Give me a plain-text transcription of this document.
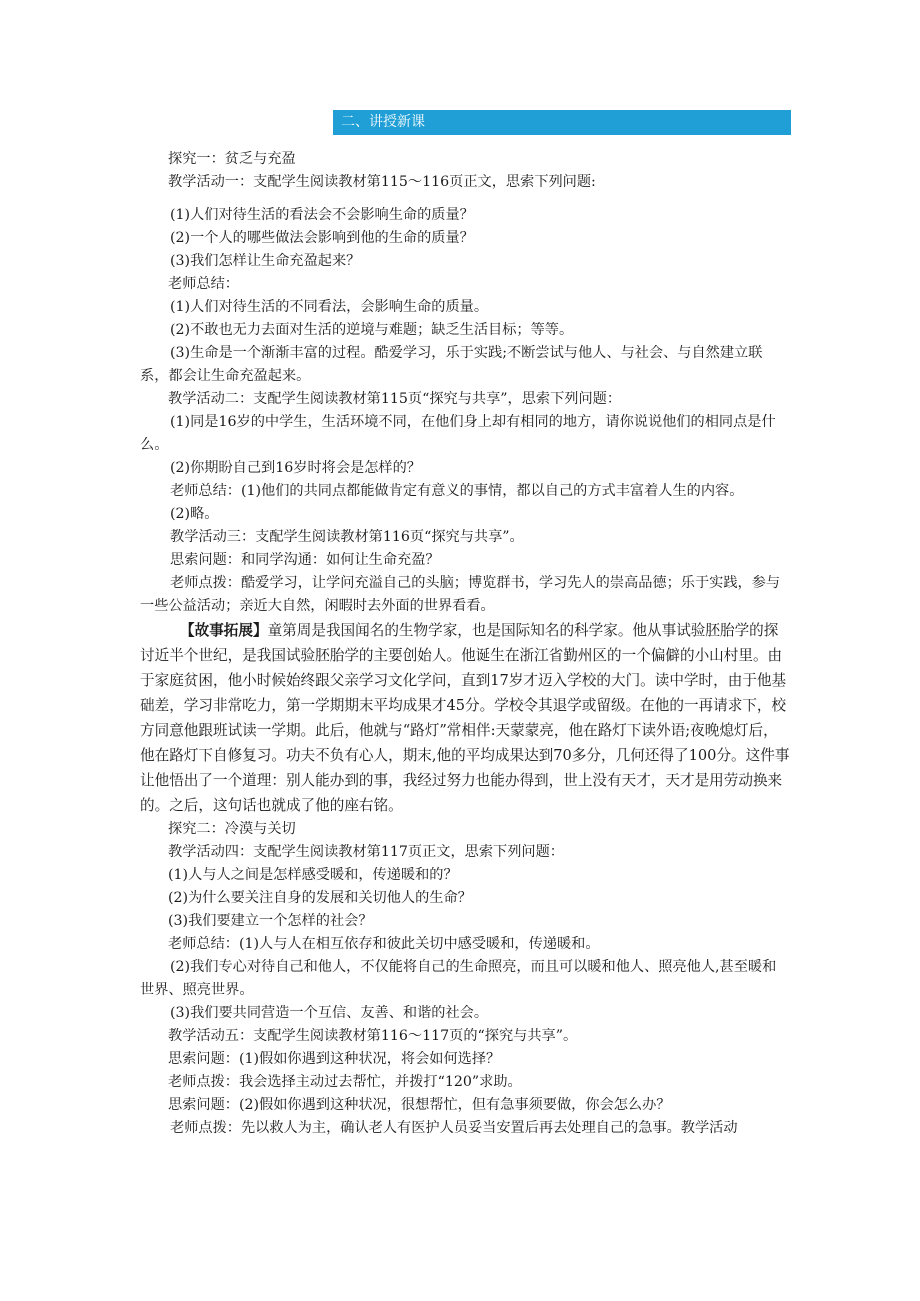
二、讲授新课

探究一：贫乏与充盈

教学活动一：支配学生阅读教材第115～116页正文，思索下列问题:

(1)人们对待生活的看法会不会影响生命的质量？

(2)一个人的哪些做法会影响到他的生命的质量？

(3)我们怎样让生命充盈起来？

老师总结：

(1)人们对待生活的不同看法，会影响生命的质量。

(2)不敢也无力去面对生活的逆境与难题；缺乏生活目标；等等。

(3)生命是一个渐渐丰富的过程。酷爱学习，乐于实践;不断尝试与他人、与社会、与自然建立联系，都会让生命充盈起来。

教学活动二：支配学生阅读教材第115页“探究与共享”，思索下列问题：

(1)同是16岁的中学生，生活环境不同，在他们身上却有相同的地方，请你说说他们的相同点是什么。

(2)你期盼自己到16岁时将会是怎样的？

老师总结：(1)他们的共同点都能做肯定有意义的事情，都以自己的方式丰富着人生的内容。

(2)略。

教学活动三：支配学生阅读教材第116页“探究与共享”。

思索问题：和同学沟通：如何让生命充盈？

老师点拨：酷爱学习，让学问充溢自己的头脑；博览群书，学习先人的崇高品德；乐于实践，参与一些公益活动；亲近大自然，闲暇时去外面的世界看看。

【故事拓展】童第周是我国闻名的生物学家，也是国际知名的科学家。他从事试验胚胎学的探讨近半个世纪，是我国试验胚胎学的主要创始人。他诞生在浙江省勤州区的一个偏僻的小山村里。由于家庭贫困，他小时候始终跟父亲学习文化学问，直到17岁才迈入学校的大门。读中学时，由于他基础差，学习非常吃力，第一学期期末平均成果才45分。学校令其退学或留级。在他的一再请求下，校方同意他跟班试读一学期。此后，他就与“路灯”常相伴:天蒙蒙亮，他在路灯下读外语;夜晚熄灯后，他在路灯下自修复习。功夫不负有心人，期末,他的平均成果达到70多分，几何还得了100分。这件事让他悟出了一个道理：别人能办到的事，我经过努力也能办得到，世上没有天才，天才是用劳动换来的。之后，这句话也就成了他的座右铭。

探究二：冷漠与关切

教学活动四：支配学生阅读教材第117页正文，思索下列问题：

(1)人与人之间是怎样感受暖和，传递暖和的？

(2)为什么要关注自身的发展和关切他人的生命？

(3)我们要建立一个怎样的社会？

老师总结：(1)人与人在相互依存和彼此关切中感受暖和，传递暖和。

(2)我们专心对待自己和他人，不仅能将自己的生命照亮，而且可以暖和他人、照亮他人,甚至暖和世界、照亮世界。

(3)我们要共同营造一个互信、友善、和谐的社会。

教学活动五：支配学生阅读教材第116～117页的“探究与共享”。

思索问题：(1)假如你遇到这种状况，将会如何选择？

老师点拨：我会选择主动过去帮忙，并拨打“120”求助。

思索问题：(2)假如你遇到这种状况，很想帮忙，但有急事须要做，你会怎么办？

老师点拨：先以救人为主，确认老人有医护人员妥当安置后再去处理自己的急事。教学活动
